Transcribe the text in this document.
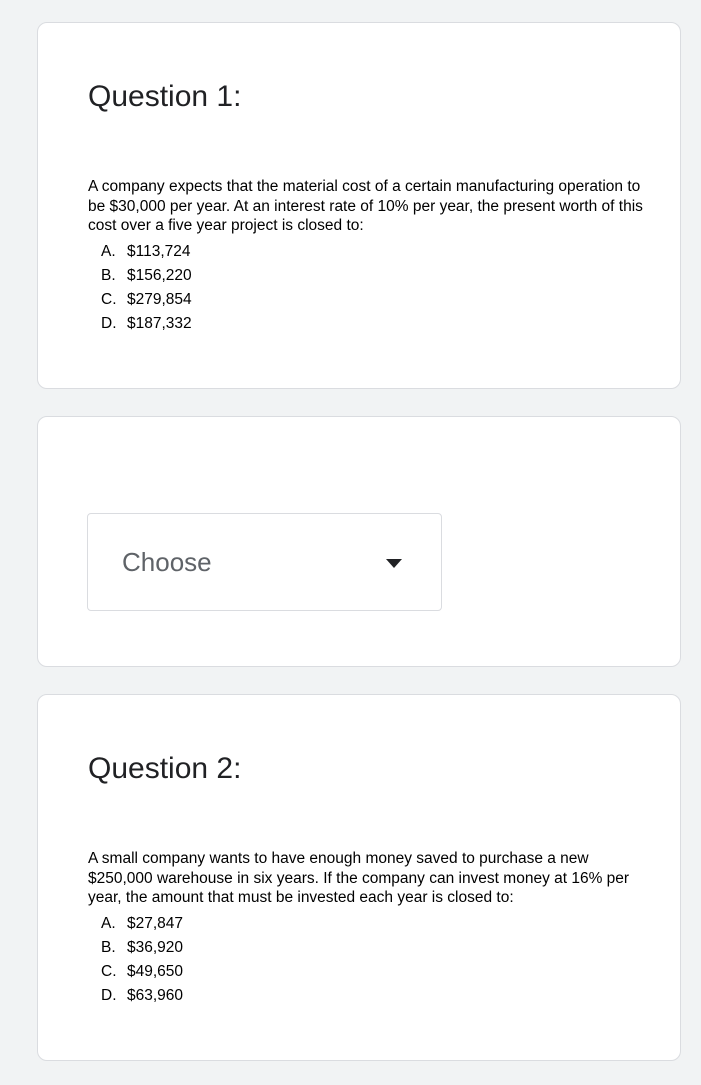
Question 1:

A company expects that the material cost of a certain manufacturing operation to be $30,000 per year. At an interest rate of 10% per year, the present worth of this cost over a five year project is closed to:

A. $113,724
B. $156,220
C. $279,854
D. $187,332
Choose
Question 2:

A small company wants to have enough money saved to purchase a new $250,000 warehouse in six years. If the company can invest money at 16% per year, the amount that must be invested each year is closed to:

A. $27,847
B. $36,920
C. $49,650
D. $63,960
